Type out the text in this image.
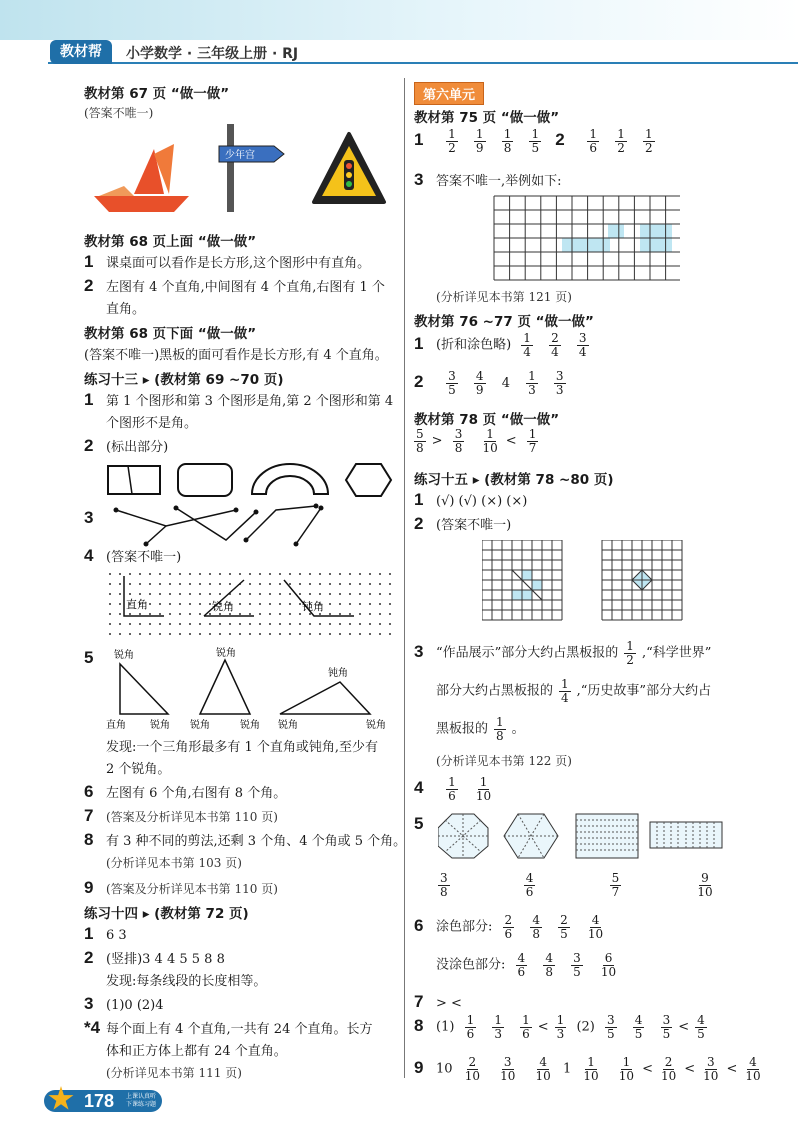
教材帮	小学数学 · 三年级上册 · RJ
教材第 67 页 “做一做”
(答案不唯一)
少年宫
教材第 68 页上面 “做一做”
1 课桌面可以看作是长方形,这个图形中有直角。
2 左图有 4 个直角,中间图有 4 个直角,右图有 1 个
直角。
教材第 68 页下面 “做一做”
(答案不唯一)黑板的面可看作是长方形,有 4 个直角。
练习十三 ▸ (教材第 69 ~70 页)
1 第 1 个图形和第 3 个图形是角,第 2 个图形和第 4
个图形不是角。
2 (标出部分)
3
4 (答案不唯一)
直角	锐角	钝角
5	锐角
直角 锐角
锐角
锐角	锐角
钝角
锐角	锐角
发现:一个三角形最多有 1 个直角或钝角,至少有
2 个锐角。
6 左图有 6 个角,右图有 8 个角。
7 (答案及分析详见本书第 110 页)
8 有 3 种不同的剪法,还剩 3 个角、4 个角或 5 个角。
(分析详见本书第 103 页)
9 (答案及分析详见本书第 110 页)
练习十四 ▸ (教材第 72 页)
1 6 3
2 (竖排)3 4 4 5 5 8 8
发现:每条线段的长度相等。
3 (1)0 (2)4
*4 每个面上有 4 个直角,一共有 24 个直角。长方
体和正方体上都有 24 个直角。
(分析详见本书第 111 页)
第六单元
教材第 75 页 “做一做”
$1 \frac{1}{2}$
$\frac{1}{9}$
$\frac{1}{8}$
$\frac{1}{5} 2 \frac{1}{6}$
$\frac{1}{2}$
$\frac{1}{2}$
3 答案不唯一,举例如下:
(分析详见本书第 121 页)
教材第 76 ~77 页 “做一做”
1 (折和涂色略) $\frac{1}{4}$
$\frac{2}{4}$
$\frac{3}{4}$
$2 \frac{3}{5}$
$\frac{4}{9} 4 \frac{1}{3}$
$\frac{3}{3}$
教材第 78 页 “做一做”
$\frac{5}{8} > \frac{3}{8}$
$\frac{1}{10} < \frac{1}{7}$
练习十五 ▸ (教材第 78 ~80 页)
1 (√) (√) (×) (×)
2 (答案不唯一)
3 “作品展示”部分大约占黑板报的 $\frac{1}{2}$ ,“科学世界”
部分大约占黑板报的 $\frac{1}{4}$ ,“历史故事”部分大约占
黑板报的 $\frac{1}{8}$ 。
(分析详见本书第 122 页)
$4 \frac{1}{6}$
$\frac{1}{10}$
5
$\frac{3}{8}$
	$\frac{4}{6}$
	$\frac{5}{7}$
	$\frac{9}{10}$
6 涂色部分: $\frac{2}{6}$
$\frac{4}{8}$
$\frac{2}{5}$
$\frac{4}{10}$
没涂色部分: $\frac{4}{6}$
$\frac{4}{8}$
$\frac{3}{5}$
$\frac{6}{10}$
7 > <
8 $(1) \frac{1}{6}$
$\frac{1}{3}$
$\frac{1}{6} < \frac{1}{3} (2) \frac{3}{5}$
$\frac{4}{5}$
$\frac{3}{5} < \frac{4}{5}$
9 $10 \frac{2}{10}$
$\frac{3}{10}$
$\frac{4}{10} 1 \frac{1}{10}$
$\frac{1}{10} < \frac{2}{10} < \frac{3}{10} < \frac{4}{10}$
178 上课认真听
下课练习题
